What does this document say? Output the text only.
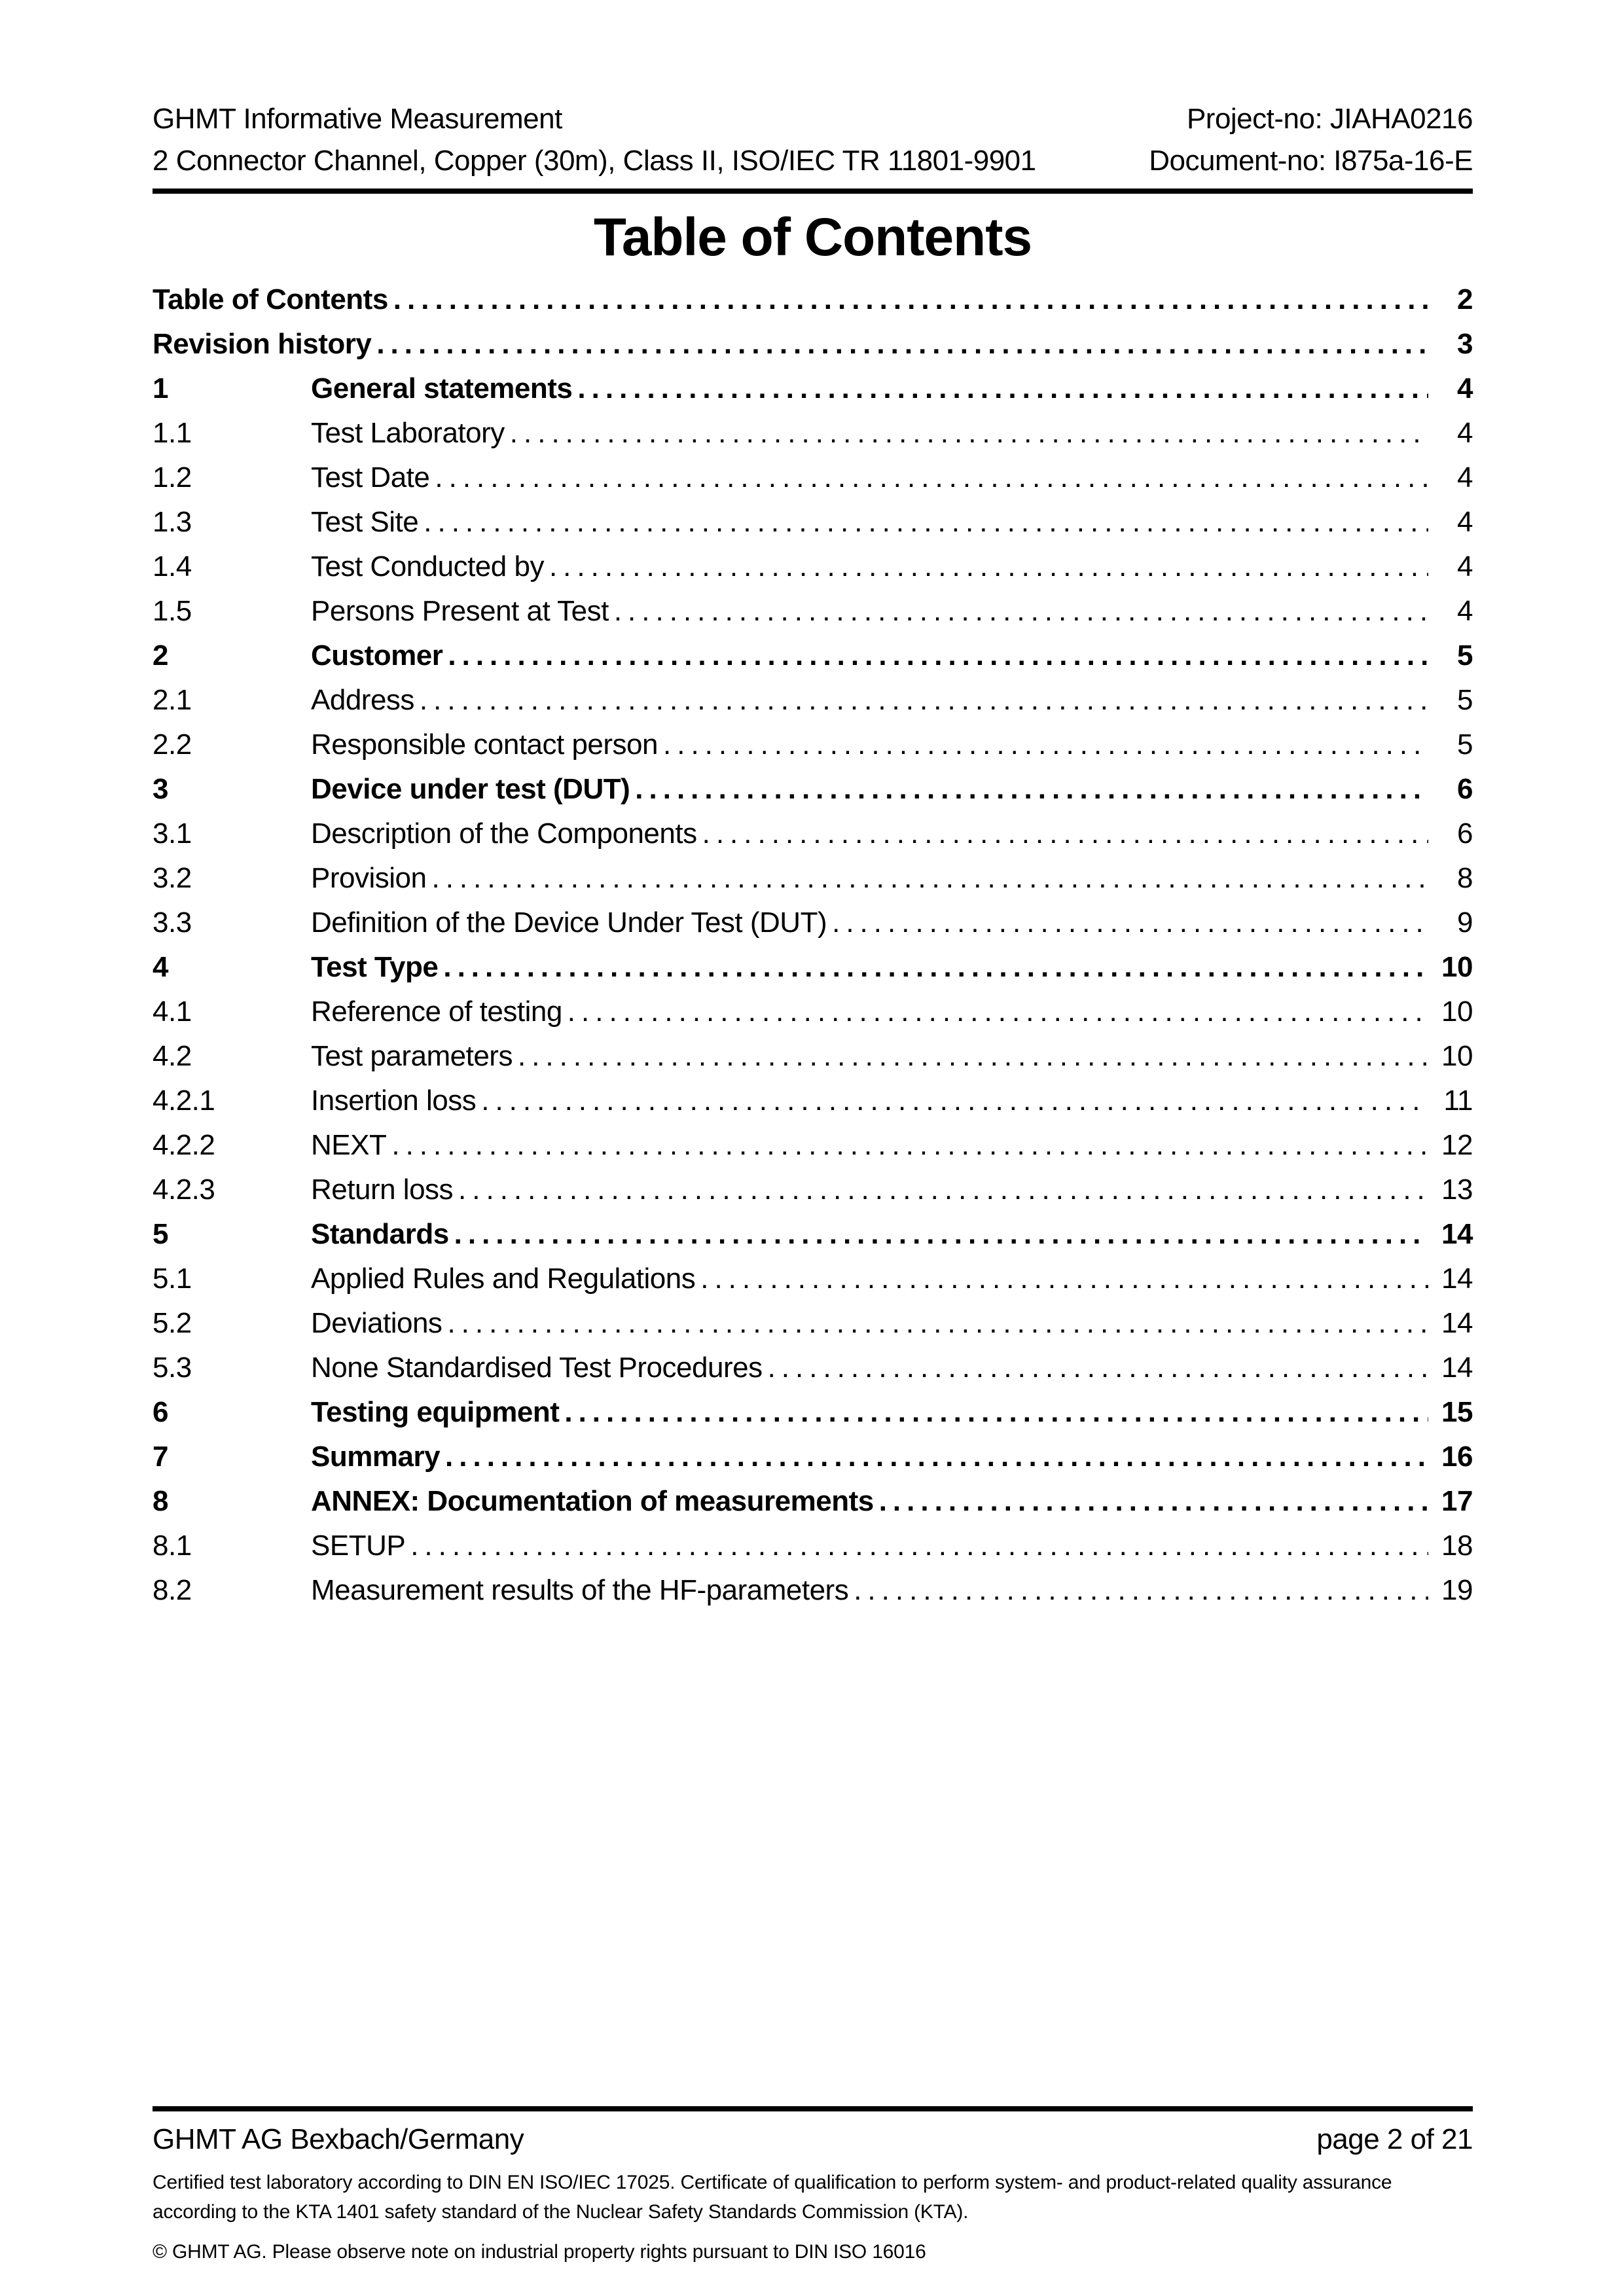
GHMT Informative Measurement	Project-no: JIAHA0216
2 Connector Channel, Copper (30m), Class II, ISO/IEC TR 11801-9901	Document-no: I875a-16-E
Table of Contents
Table of Contents .....	2
Revision history .....	3
1	General statements .....	4
1.1	Test Laboratory .....	4
1.2	Test Date .....	4
1.3	Test Site .....	4
1.4	Test Conducted by .....	4
1.5	Persons Present at Test .....	4
2	Customer .....	5
2.1	Address .....	5
2.2	Responsible contact person .....	5
3	Device under test (DUT) .....	6
3.1	Description of the Components .....	6
3.2	Provision .....	8
3.3	Definition of the Device Under Test (DUT) .....	9
4	Test Type .....	10
4.1	Reference of testing .....	10
4.2	Test parameters .....	10
4.2.1	Insertion loss .....	11
4.2.2	NEXT .....	12
4.2.3	Return loss .....	13
5	Standards .....	14
5.1	Applied Rules and Regulations .....	14
5.2	Deviations .....	14
5.3	None Standardised Test Procedures .....	14
6	Testing equipment .....	15
7	Summary .....	16
8	ANNEX: Documentation of measurements .....	17
8.1	SETUP .....	18
8.2	Measurement results of the HF-parameters .....	19
GHMT AG Bexbach/Germany	page 2 of 21
Certified test laboratory according to DIN EN ISO/IEC 17025. Certificate of qualification to perform system- and product-related quality assurance according to the KTA 1401 safety standard of the Nuclear Safety Standards Commission (KTA).
© GHMT AG. Please observe note on industrial property rights pursuant to DIN ISO 16016
